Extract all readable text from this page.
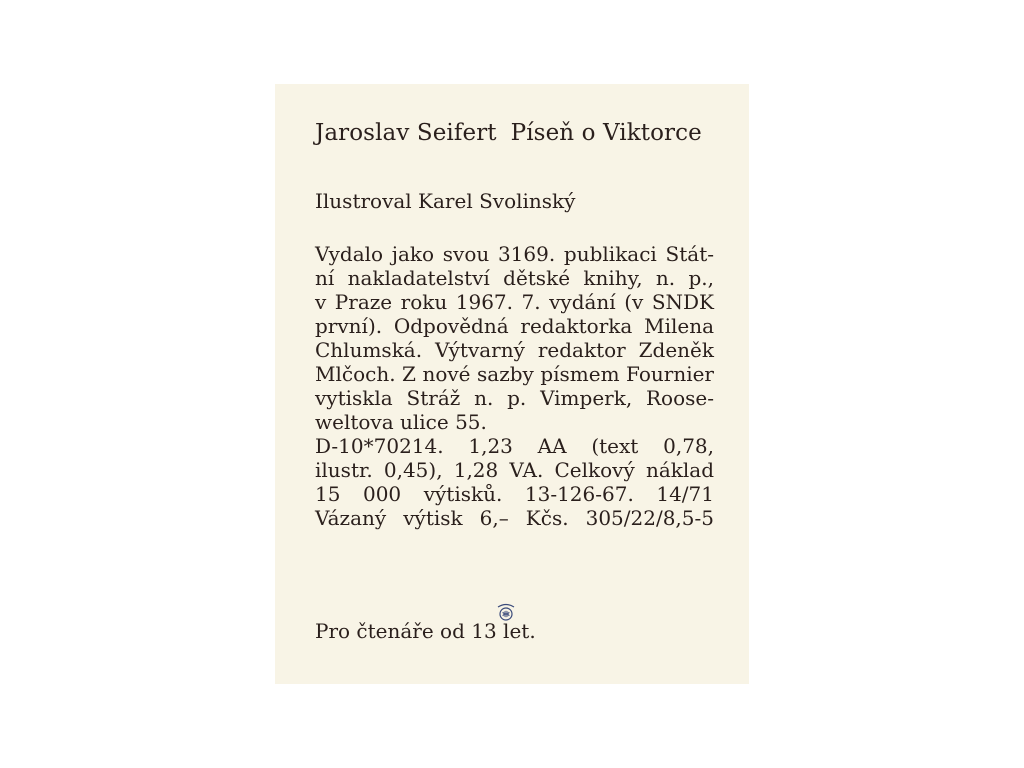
Jaroslav Seifert Píseň o Viktorce
Ilustroval Karel Svolinský
Vydalo jako svou 3169. publikaci Stát-
ní nakladatelství dětské knihy, n. p.,
v Praze roku 1967. 7. vydání (v SNDK
první). Odpovědná redaktorka Milena
Chlumská. Výtvarný redaktor Zdeněk
Mlčoch. Z nové sazby písmem Fournier
vytiskla Stráž n. p. Vimperk, Roose-
weltova ulice 55.
D-10*70214. 1,23 AA (text 0,78,
ilustr. 0,45), 1,28 VA. Celkový náklad
15 000 výtisků. 13-126-67. 14/71
Vázaný výtisk 6,– Kčs. 305/22/8,5-5
Pro čtenáře od 13 let.
